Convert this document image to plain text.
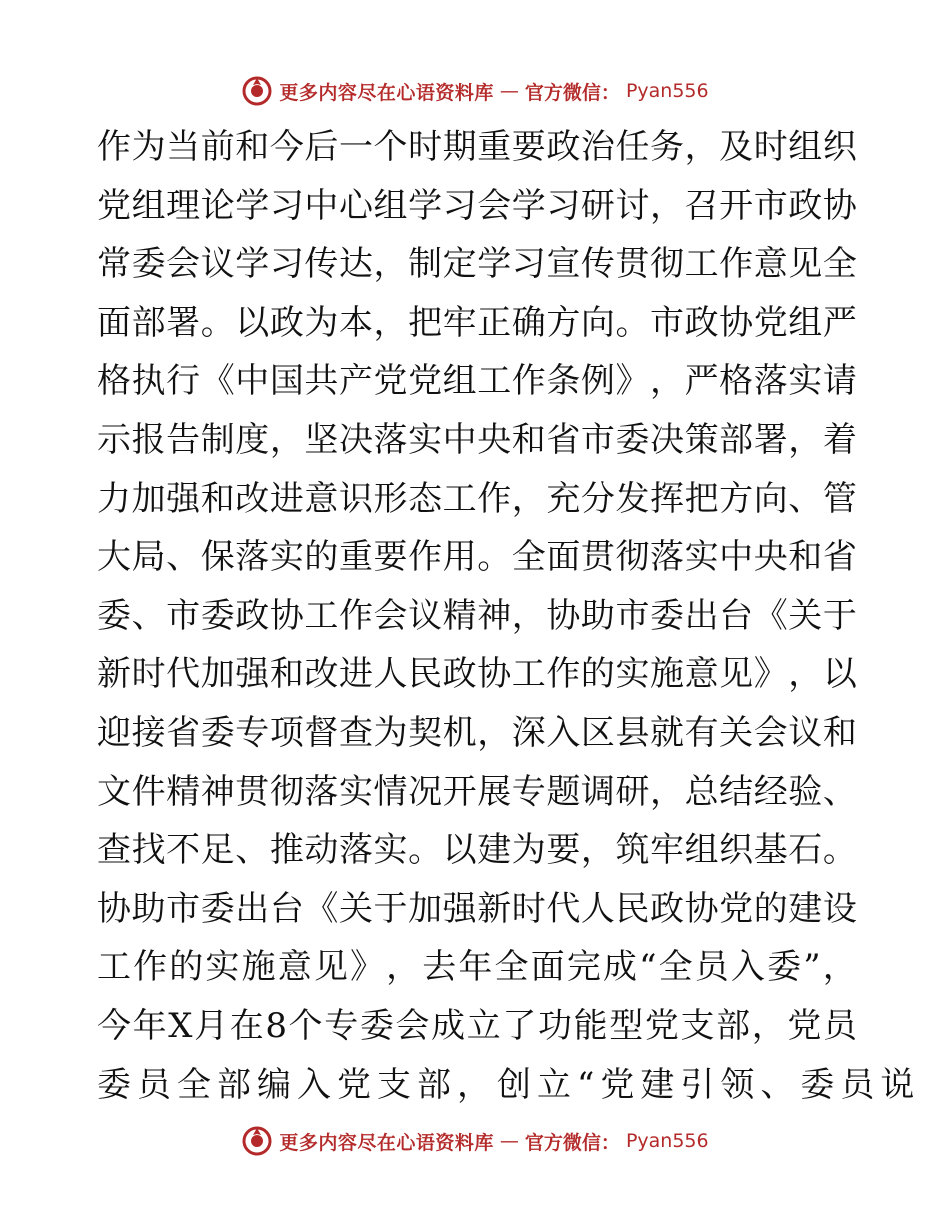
更多内容尽在心语资料库 — 官方微信： Pyan556
作 为 当 前 和 今 后 一 个 时 期 重 要 政 治 任 务 ， 及 时 组 织
党 组 理 论 学 习 中 心 组 学 习 会 学 习 研 讨 ， 召 开 市 政 协
常 委 会 议 学 习 传 达 ， 制 定 学 习 宣 传 贯 彻 工 作 意 见 全
面 部 署 。 以 政 为 本 ， 把 牢 正 确 方 向 。 市 政 协 党 组 严
格 执 行 《 中 国 共 产 党 党 组 工 作 条 例 》 ， 严 格 落 实 请
示 报 告 制 度 ， 坚 决 落 实 中 央 和 省 市 委 决 策 部 署 ， 着
力 加 强 和 改 进 意 识 形 态 工 作 ， 充 分 发 挥 把 方 向 、 管
大 局 、 保 落 实 的 重 要 作 用 。 全 面 贯 彻 落 实 中 央 和 省
委 、 市 委 政 协 工 作 会 议 精 神 ， 协 助 市 委 出 台 《 关 于
新 时 代 加 强 和 改 进 人 民 政 协 工 作 的 实 施 意 见 》 ， 以
迎 接 省 委 专 项 督 查 为 契 机 ， 深 入 区 县 就 有 关 会 议 和
文 件 精 神 贯 彻 落 实 情 况 开 展 专 题 调 研 ， 总 结 经 验 、
查 找 不 足 、 推 动 落 实 。 以 建 为 要 ， 筑 牢 组 织 基 石 。
协 助 市 委 出 台 《 关 于 加 强 新 时 代 人 民 政 协 党 的 建 设
工 作 的 实 施 意 见 》 ， 去 年 全 面 完 成 “ 全 员 入 委 ” ，
今 年 X 月 在 8 个 专 委 会 成 立 了 功 能 型 党 支 部 ， 党 员
委 员 全 部 编 入 党 支 部 ， 创 立 “ 党 建 引 领 、 委 员 说
更多内容尽在心语资料库 — 官方微信： Pyan556
